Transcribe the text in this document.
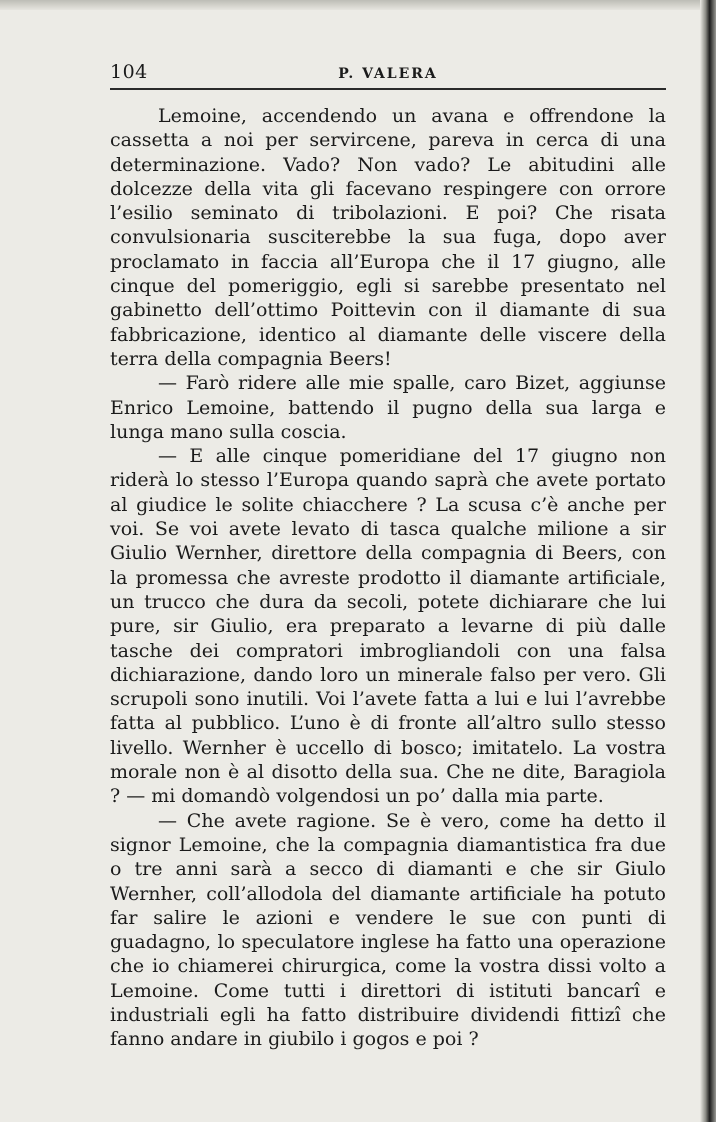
104	P. VALERA

Lemoine, accendendo un avana e offrendone la cassetta a noi per servircene, pareva in cerca di una determinazione. Vado? Non vado? Le abitudini alle dolcezze della vita gli facevano respingere con orrore l’esilio seminato di tribolazioni. E poi? Che risata convulsionaria susciterebbe la sua fuga, dopo aver proclamato in faccia all’Europa che il 17 giugno, alle cinque del pomeriggio, egli si sarebbe presentato nel gabinetto dell’ottimo Poittevin con il diamante di sua fabbricazione, identico al diamante delle viscere della terra della compagnia Beers!

— Farò ridere alle mie spalle, caro Bizet, aggiunse Enrico Lemoine, battendo il pugno della sua larga e lunga mano sulla coscia.

— E alle cinque pomeridiane del 17 giugno non riderà lo stesso l’Europa quando saprà che avete portato al giudice le solite chiacchere ? La scusa c’è anche per voi. Se voi avete levato di tasca qualche milione a sir Giulio Wernher, direttore della compagnia di Beers, con la promessa che avreste prodotto il diamante artificiale, un trucco che dura da secoli, potete dichiarare che lui pure, sir Giulio, era preparato a levarne di più dalle tasche dei compratori imbrogliandoli con una falsa dichiarazione, dando loro un minerale falso per vero. Gli scrupoli sono inutili. Voi l’avete fatta a lui e lui l’avrebbe fatta al pubblico. L’uno è di fronte all’altro sullo stesso livello. Wernher è uccello di bosco; imitatelo. La vostra morale non è al disotto della sua. Che ne dite, Baragiola ? — mi domandò volgendosi un po’ dalla mia parte.

— Che avete ragione. Se è vero, come ha detto il signor Lemoine, che la compagnia diamantistica fra due o tre anni sarà a secco di diamanti e che sir Giulo Wernher, coll’allodola del diamante artificiale ha potuto far salire le azioni e vendere le sue con punti di guadagno, lo speculatore inglese ha fatto una operazione che io chiamerei chirurgica, come la vostra dissi volto a Lemoine. Come tutti i direttori di istituti bancarî e industriali egli ha fatto distribuire dividendi fittizî che fanno andare in giubilo i gogos e poi ?
